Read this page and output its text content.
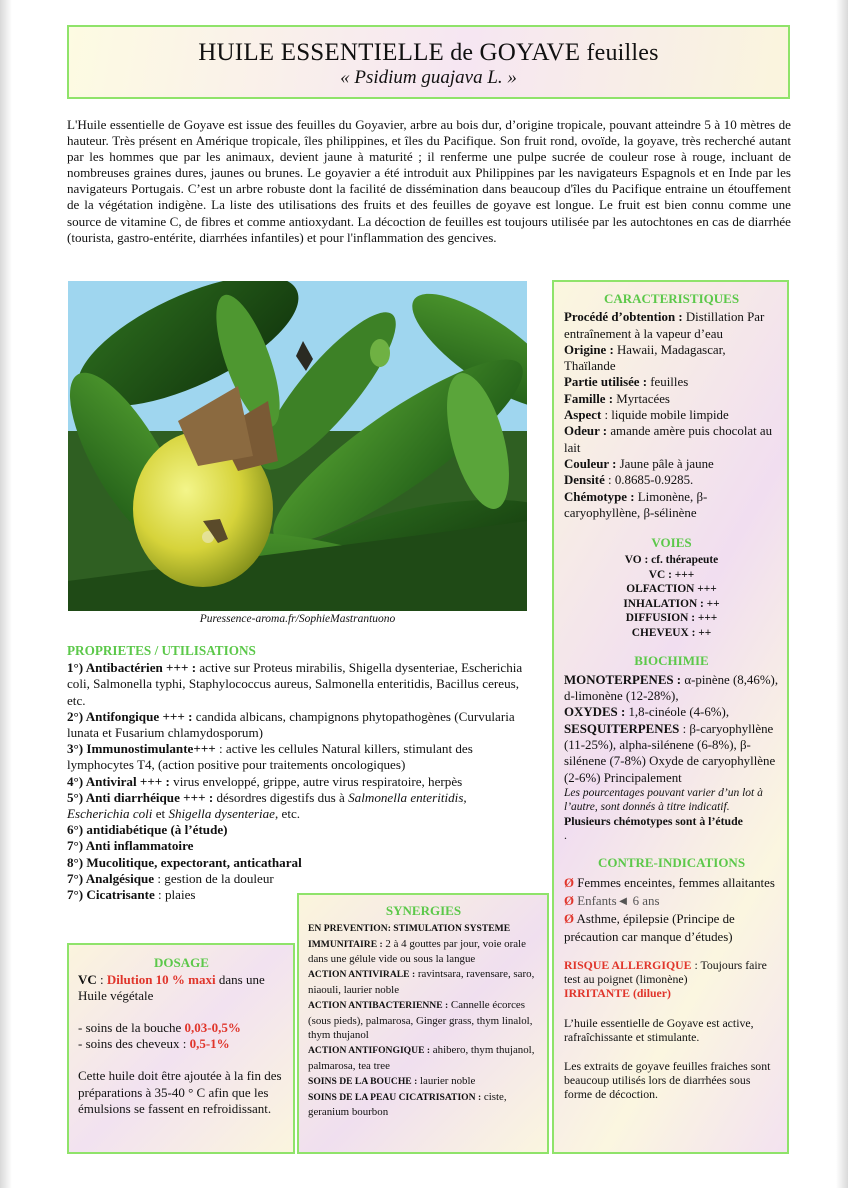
HUILE ESSENTIELLE de GOYAVE feuilles
« Psidium guajava L. »
L'Huile essentielle de Goyave est issue des feuilles du Goyavier, arbre au bois dur, d’origine tropicale, pouvant atteindre 5 à 10 mètres de hauteur. Très présent en Amérique tropicale, îles philippines, et îles du Pacifique. Son fruit rond, ovoïde, la goyave, très recherché autant par les hommes que par les animaux, devient jaune à maturité ; il renferme une pulpe sucrée de couleur rose à rouge, incluant de nombreuses graines dures, jaunes ou brunes. Le goyavier a été introduit aux Philippines par les navigateurs Espagnols et en Inde par les navigateurs Portugais. C’est un arbre robuste dont la facilité de dissémination dans beaucoup d'îles du Pacifique entraine un étouffement de la végétation indigène. La liste des utilisations des fruits et des feuilles de goyave est longue. Le fruit est bien connu comme une source de vitamine C, de fibres et comme antioxydant. La décoction de feuilles est toujours utilisée par les autochtones en cas de diarrhée (tourista, gastro-entérite, diarrhées infantiles) et pour l'inflammation des gencives.
Puressence-aroma.fr/SophieMastrantuono
PROPRIETES / UTILISATIONS

1°) Antibactérien +++ : active sur Proteus mirabilis, Shigella dysenteriae, Escherichia coli, Salmonella typhi, Staphylococcus aureus, Salmonella enteritidis, Bacillus cereus, etc.

2°) Antifongique +++ : candida albicans, champignons phytopathogènes (Curvularia lunata et Fusarium chlamydosporum)

3°) Immunostimulante+++ : active les cellules Natural killers, stimulant des lymphocytes T4, (action positive pour traitements oncologiques)

4°) Antiviral +++ : virus enveloppé, grippe, autre virus respiratoire, herpès

5°) Anti diarrhéique +++ : désordres digestifs dus à Salmonella enteritidis, Escherichia coli et Shigella dysenteriae, etc.

6°) antidiabétique (à l’étude)

7°) Anti inflammatoire

8°) Mucolitique, expectorant, anticatharal

7°) Analgésique : gestion de la douleur

7°) Cicatrisante : plaies

CARACTERISTIQUES
Procédé d’obtention : Distillation Par entraînement à la vapeur d’eau
Origine : Hawaii, Madagascar, Thaïlande
Partie utilisée : feuilles
Famille : Myrtacées
Aspect : liquide mobile limpide
Odeur : amande amère puis chocolat au lait
Couleur : Jaune pâle à jaune
Densité : 0.8685-0.9285.
Chémotype : Limonène, β-caryophyllène, β-sélinène
VOIES
VO : cf. thérapeute
VC : +++
OLFACTION +++
INHALATION : ++
DIFFUSION : +++
CHEVEUX : ++
BIOCHIMIE
MONOTERPENES : α-pinène (8,46%), d-limonène (12-28%),
OXYDES : 1,8-cinéole (4-6%),
SESQUITERPENES : β-caryophyllène (11-25%), alpha-silénene (6-8%), β-silénene (7-8%) Oxyde de caryophyllène (2-6%) Principalement
Les pourcentages pouvant varier d’un lot à l’autre, sont donnés à titre indicatif.
Plusieurs chémotypes sont à l’étude
.
CONTRE-INDICATIONS
Ø Femmes enceintes, femmes allaitantes
Ø Enfants◄ 6 ans
Ø Asthme, épilepsie (Principe de précaution car manque d’études)
RISQUE ALLERGIQUE : Toujours faire test au poignet (limonène)
IRRITANTE (diluer)
L’huile essentielle de Goyave est active, rafraîchissante et stimulante.
Les extraits de goyave feuilles fraiches sont beaucoup utilisés lors de diarrhées sous forme de décoction.
DOSAGE
VC : Dilution 10 % maxi dans une Huile végétale
- soins de la bouche 0,03-0,5%
- soins des cheveux : 0,5-1%
Cette huile doit être ajoutée à la fin des préparations à 35-40 ° C afin que les émulsions se fassent en refroidissant.
SYNERGIES
EN PREVENTION: STIMULATION SYSTEME IMMUNITAIRE : 2 à 4 gouttes par jour, voie orale dans une gélule vide ou sous la langue
ACTION ANTIVIRALE : ravintsara, ravensare, saro, niaouli, laurier noble
ACTION ANTIBACTERIENNE : Cannelle écorces (sous pieds), palmarosa, Ginger grass, thym linalol, thym thujanol
ACTION ANTIFONGIQUE : ahibero, thym thujanol, palmarosa, tea tree
SOINS DE LA BOUCHE : laurier noble
SOINS DE LA PEAU CICATRISATION : ciste, geranium bourbon
